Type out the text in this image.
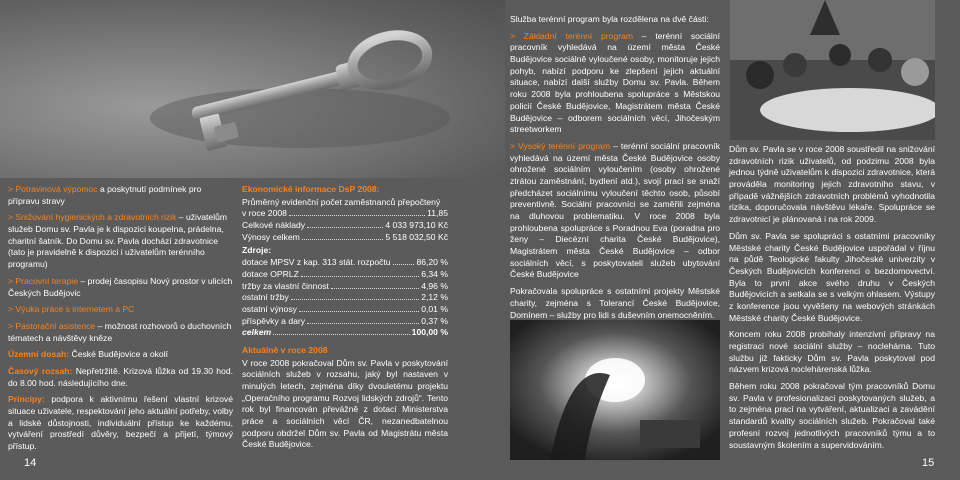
> Potravinová výpomoc a poskytnutí podmínek pro přípravu stravy
> Snižování hygienických a zdravotních rizik – uživatelům služeb Domu sv. Pavla je k dispozici koupelna, prádelna, charitní šatník. Do Domu sv. Pavla dochází zdravotnice (tato je pravidelně k dispozici i uživatelům terénního programu)
> Pracovní terapie – prodej časopisu Nový prostor v ulicích Českých Budějovic
> Výuka práce s internetem a PC
> Pastorační asistence – možnost rozhovorů o duchovních tématech a návštěvy kněze

Územní dosah: České Budějovice a okolí

Časový rozsah: Nepřetržitě. Krizová lůžka od 19.30 hod. do 8.00 hod. následujícího dne.

Principy: podpora k aktivnímu řešení vlastní krizové situace uživatele, respektování jeho aktuální potřeby, volby a lidské důstojnosti, individuální přístup ke každému, vytváření prostředí důvěry, bezpečí a přijetí, týmový přístup.

Ekonomické informace DsP 2008:
Průměrný evidenční počet zaměstnanců přepočtený
v roce 2008	11,85
Celkové náklady	4 033 973,10 Kč
Výnosy celkem	5 518 032,50 Kč
Zdroje:
dotace MPSV z kap. 313 stát. rozpočtu	86,20 %
dotace OPRLZ	6,34 %
tržby za vlastní činnost	4,96 %
ostatní tržby	2,12 %
ostatní výnosy	0,01 %
příspěvky a dary	0,37 %
celkem	100,00 %
Aktuálně v roce 2008

V roce 2008 pokračoval Dům sv. Pavla v poskytování sociálních služeb v rozsahu, jaký byl nastaven v minulých letech, zejména díky dvouletému projektu „Operačního programu Rozvoj lidských zdrojů“. Tento rok byl financován převážně z dotací Ministerstva práce a sociálních věcí ČR, nezanedbatelnou podporu obdržel Dům sv. Pavla od Magistrátu města České Budějovice.

14

Služba terénní program byla rozdělena na dvě části:

> Základní terénní program – terénní sociální pracovník vyhledává na území města České Budějovice sociálně vyloučené osoby, monitoruje jejich pohyb, nabízí podporu ke zlepšení jejich aktuální situace, nabízí další služby Domu sv. Pavla. Během roku 2008 byla prohloubena spolupráce s Městskou policií České Budějovice, Magistrátem města České Budějovice – odborem sociálních věcí, Jihočeským streetworkem

> Vysoký terénní program – terénní sociální pracovník vyhledává na území města České Budějovice osoby ohrožené sociálním vyloučením (osoby ohrožené ztrátou zaměstnání, bydlení atd.), svojí prací se snaží předcházet sociálnímu vyloučení těchto osob, působí preventivně. Sociální pracovníci se zaměřili zejména na dluhovou problematiku. V roce 2008 byla prohloubena spolupráce s Poradnou Eva (poradna pro ženy – Diecézní charita České Budějovice), Magistrátem města České Budějovice – odbor sociálních věcí, s poskytovateli služeb ubytování České Budějovice

Pokračovala spolupráce s ostatními projekty Městské charity, zejména s Tolerancí České Budějovice, Domínem – služby pro lidi s duševním onemocněním.

Dům sv. Pavla se v roce 2008 soustředil na snižování zdravotních rizik uživatelů, od podzimu 2008 byla jednou týdně uživatelům k dispozici zdravotnice, která prováděla monitoring jejich zdravotního stavu, v případě vážnějších zdravotních problémů vyhodnotila rizika, doporučovala návštěvu lékaře. Spolupráce se zdravotnicí je plánovaná i na rok 2009.

Dům sv. Pavla se spolupráci s ostatními pracovníky Městské charity České Budějovice uspořádal v říjnu na půdě Teologické fakulty Jihočeské univerzity v Českých Budějovicích konferenci o bezdomovectví. Byla to první akce svého druhu v Českých Budějovicích a setkala se s velkým ohlasem. Výstupy z konference jsou vyvěšeny na webových stránkách Městské charity České Budějovice.

Koncem roku 2008 probíhaly intenzivní přípravy na registraci nové sociální služby – noclehárna. Tuto službu již fakticky Dům sv. Pavla poskytoval pod názvem krizová noclehárenská lůžka.

Během roku 2008 pokračoval tým pracovníků Domu sv. Pavla v profesionalizaci poskytovaných služeb, a to zejména prací na vytváření, aktualizaci a zavádění standardů kvality sociálních služeb. Pokračoval také profesní rozvoj jednotlivých pracovníků týmu a to soustavným školením a supervidováním.

15
